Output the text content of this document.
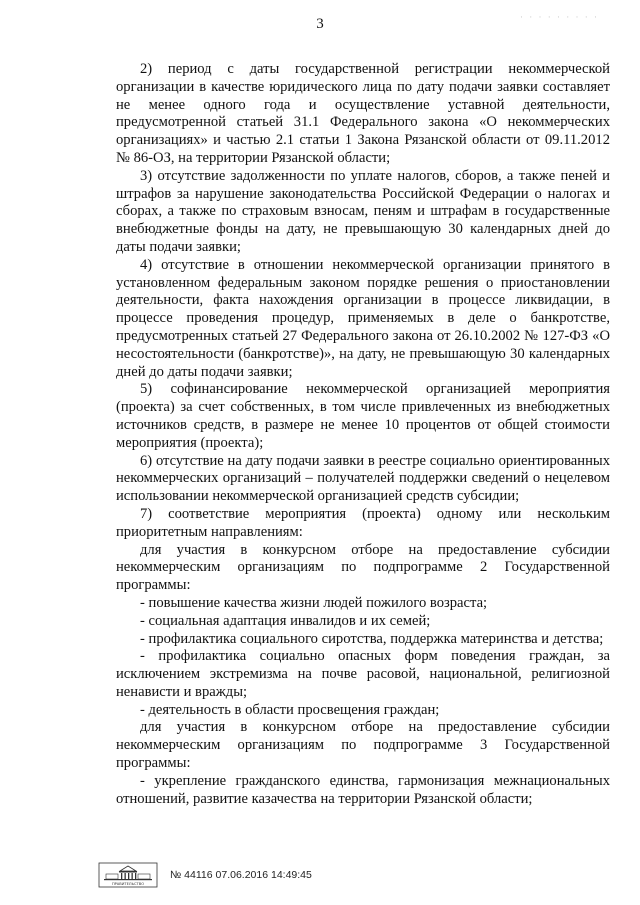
3	· · · · · · · · ·

2) период с даты государственной регистрации некоммерческой организации в качестве юридического лица по дату подачи заявки составляет не менее одного года и осуществление уставной деятельности, предусмотренной статьей 31.1 Федерального закона «О некоммерческих организациях» и частью 2.1 статьи 1 Закона Рязанской области от 09.11.2012 № 86-ОЗ, на территории Рязанской области;

3) отсутствие задолженности по уплате налогов, сборов, а также пеней и штрафов за нарушение законодательства Российской Федерации о налогах и сборах, а также по страховым взносам, пеням и штрафам в государственные внебюджетные фонды на дату, не превышающую 30 календарных дней до даты подачи заявки;

4) отсутствие в отношении некоммерческой организации принятого в установленном федеральным законом порядке решения о приостановлении деятельности, факта нахождения организации в процессе ликвидации, в процессе проведения процедур, применяемых в деле о банкротстве, предусмотренных статьей 27 Федерального закона от 26.10.2002 № 127-ФЗ «О несостоятельности (банкротстве)», на дату, не превышающую 30 календарных дней до даты подачи заявки;

5) софинансирование некоммерческой организацией мероприятия (проекта) за счет собственных, в том числе привлеченных из внебюджетных источников средств, в размере не менее 10 процентов от общей стоимости мероприятия (проекта);

6) отсутствие на дату подачи заявки в реестре социально ориентированных некоммерческих организаций – получателей поддержки сведений о нецелевом использовании некоммерческой организацией средств субсидии;

7) соответствие мероприятия (проекта) одному или нескольким приоритетным направлениям:

для участия в конкурсном отборе на предоставление субсидии некоммерческим организациям по подпрограмме 2 Государственной программы:

- повышение качества жизни людей пожилого возраста;

- социальная адаптация инвалидов и их семей;

- профилактика социального сиротства, поддержка материнства и детства;

- профилактика социально опасных форм поведения граждан, за исключением экстремизма на почве расовой, национальной, религиозной ненависти и вражды;

- деятельность в области просвещения граждан;

для участия в конкурсном отборе на предоставление субсидии некоммерческим организациям по подпрограмме 3 Государственной программы:

- укрепление гражданского единства, гармонизация межнациональных отношений, развитие казачества на территории Рязанской области;

ПРАВИТЕЛЬСТВО
№ 44116 07.06.2016 14:49:45
